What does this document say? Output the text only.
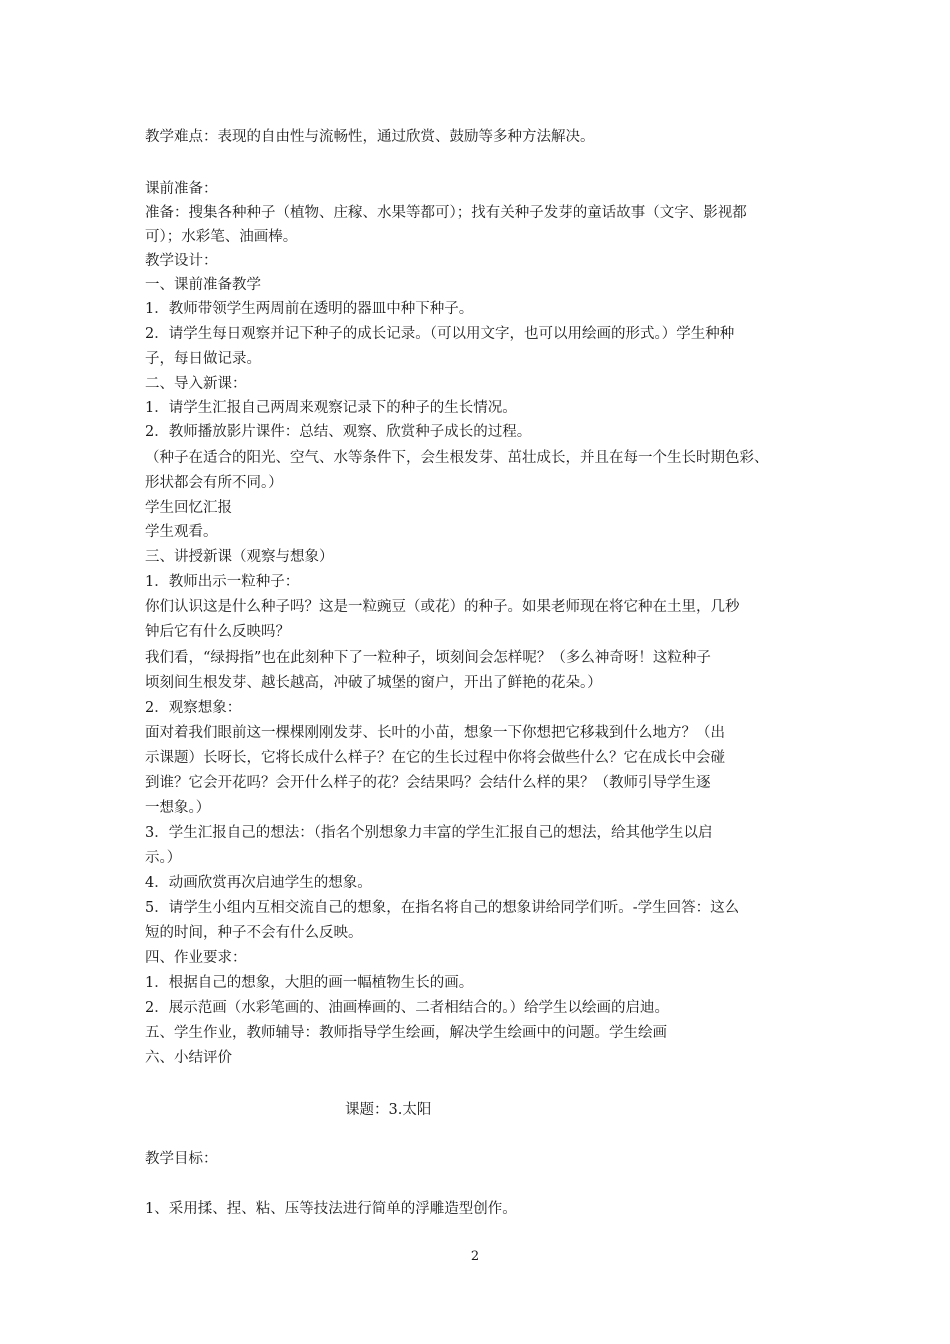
教学难点：表现的自由性与流畅性，通过欣赏、鼓励等多种方法解决。
课前准备：
准备：搜集各种种子（植物、庄稼、水果等都可）；找有关种子发芽的童话故事（文字、影视都
可）；水彩笔、油画棒。
教学设计：
一、课前准备教学
1．教师带领学生两周前在透明的器皿中种下种子。
2．请学生每日观察并记下种子的成长记录。（可以用文字，也可以用绘画的形式。）学生种种
子，每日做记录。
二、导入新课：
1．请学生汇报自己两周来观察记录下的种子的生长情况。
2．教师播放影片课件：总结、观察、欣赏种子成长的过程。
（种子在适合的阳光、空气、水等条件下，会生根发芽、茁壮成长，并且在每一个生长时期色彩、
形状都会有所不同。）
学生回忆汇报
学生观看。
三、讲授新课（观察与想象）
1．教师出示一粒种子：
你们认识这是什么种子吗？这是一粒豌豆（或花）的种子。如果老师现在将它种在土里，几秒
钟后它有什么反映吗？
我们看，“绿拇指”也在此刻种下了一粒种子，顷刻间会怎样呢？（多么神奇呀！这粒种子
顷刻间生根发芽、越长越高，冲破了城堡的窗户，开出了鲜艳的花朵。）
2．观察想象：
面对着我们眼前这一棵棵刚刚发芽、长叶的小苗，想象一下你想把它移栽到什么地方？（出
示课题）长呀长，它将长成什么样子？在它的生长过程中你将会做些什么？它在成长中会碰
到谁？它会开花吗？会开什么样子的花？会结果吗？会结什么样的果？（教师引导学生逐
一想象。）
3．学生汇报自己的想法：（指名个别想象力丰富的学生汇报自己的想法，给其他学生以启
示。）
4．动画欣赏再次启迪学生的想象。
5．请学生小组内互相交流自己的想象，在指名将自己的想象讲给同学们听。-学生回答：这么
短的时间，种子不会有什么反映。
四、作业要求：
1．根据自己的想象，大胆的画一幅植物生长的画。
2．展示范画（水彩笔画的、油画棒画的、二者相结合的。）给学生以绘画的启迪。
五、学生作业，教师辅导：教师指导学生绘画，解决学生绘画中的问题。学生绘画
六、小结评价
课题：3.太阳
教学目标：
1、采用揉、捏、粘、压等技法进行简单的浮雕造型创作。
2
